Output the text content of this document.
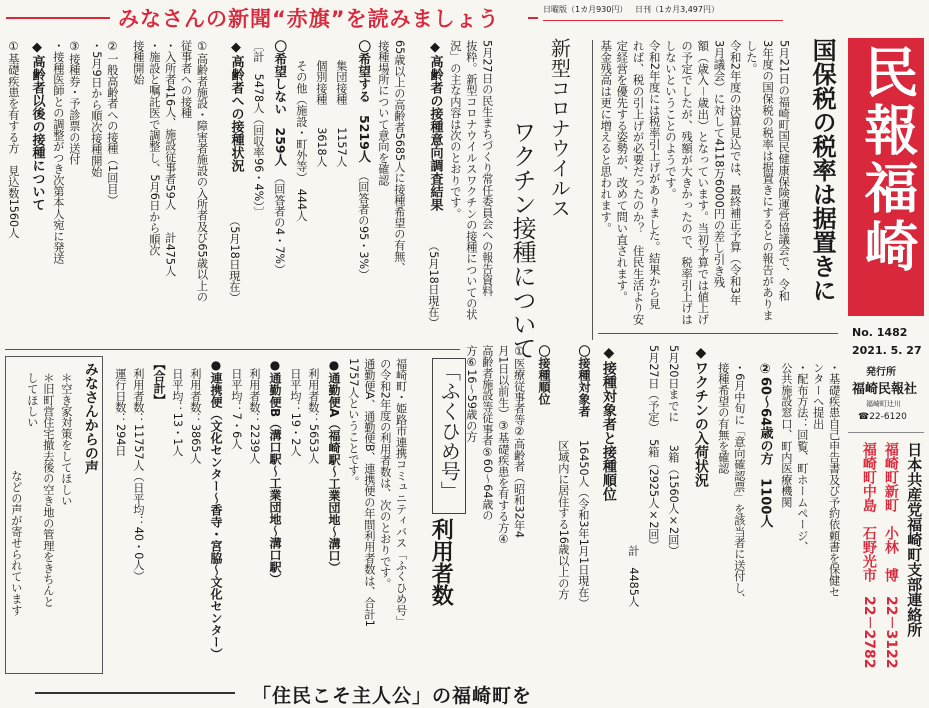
みなさんの新聞“赤旗”を読みましょう	日曜版（1カ月930円） 日刊（1カ月3,497円）
民報福崎
No. 1482
2021. 5. 27
発行所
福崎民報社
福崎町辻川
☎22-6120
日本共産党福崎町支部連絡所
福崎町新町　小林　博　22－3122
福崎町中島　石野光市　22－2782
国保税の税率は据置きに
5月21日の福崎町国民健康保険運営協議会で、令和
3年度の国保税の税率は据置きにするとの報告がありま
した。
令和2年度の決算見込では、最終補正予算（令和3年
3月議会）に対して4118万6000円の差し引き残
額（歳入－歳出）となっています。当初予算では値上げ
の予定でしたが、残額が大きかったので、税率引上げは
しないということのようです。
令和2年度には税率引上げがありました。結果から見
れば、税の引上げが必要だったのか？　住民生活より安
定経営を優先する姿勢が、改めて問い直されます。
基金残高は更に増えると思われます。
・基礎疾患自己申告書及び予約依頼書を保健セ
ンターへ提出
・配布方法：回覧、町ホームページ、
公共施設窓口、町内医療機関
②60～64歳の方　1100人
・6月中旬に「意向確認票」を該当者に送付し、
接種希望の有無を確認
◆ワクチンの入荷状況
5月20日までに　　3箱（1560人×2回）
5月27日（予定）　5箱（2925人×2回）
計　4485人
◆接種対象者と接種順位
〇接種対象者
16450人（令和3年1月1日現在）
区域内に居住する16歳以上の方
〇接種順位
①医療従事者等②高齢者（昭和32年4
月1日以前生）③基礎疾患を有する方④
高齢者施設等従事者⑤60～64歳の
方⑥16～59歳の方
新型コロナウイルス
ワクチン接種について
5月27日の民生まちづくり常任委員会への報告資料
抜粋。新型コロナウイルスワクチンの接種についての状
況」の主な内容は次のとおりです。
◆高齢者の接種意向調査結果
（5月18日現在）
65歳以上の高齢者5685人に接種希望の有無、
接種場所について意向を確認
〇希望する　5219人
（回答者の95・3%）
集団接種　　1157人
個別接種　　3618人
その他（施設・町外等）　444人
〇希望しない　259人
（回答者の4・7%）
〔計　5478人（回収率96・4%）〕
◆高齢者への接種状況
（5月18日現在）
①高齢者施設・障害者施設の入所者及び65歳以上の
従事者への接種
・入所者416人、施設従事者59人　　計475人
・施設と嘱託医で調整し、5月6日から順次
接種開始
②一般高齢者への接種（1回目）
・5月9日から順次接種開始
③接種券・予診票の送付
・接種医師との調整がつき次第本人宛に発送
◆高齢者以後の接種について
①基礎疾患を有する方　見込数1560人
「ふくひめ号」
利用者数
福崎町・姫路市連携コミュニティバス「ふくひめ号」
の令和2年度の利用者数は、次のとおりです。
通勤便A、通勤便B、連携便の年間利用者数は、合計1
1757人ということです。
●通勤便A（福崎駅～工業団地～溝口）
利用者数：5653人
日平均：19・2人
●通勤便B（溝口駅～工業団地～溝口駅）
利用者数：2239人
日平均：7・6人
●連携便（文化センター～香寺・宮脇～文化センター）
利用者数：3865人
日平均：13・1人
【合計】
利用者数：11757人（日平均：40・0人）
運行日数：294日
みなさんからの声
＊空き家対策をしてほしい
＊旧町営住宅撤去後の空き地の管理をきちんと
してほしい
などの声が寄せられています
「住民こそ主人公」の福崎町を
